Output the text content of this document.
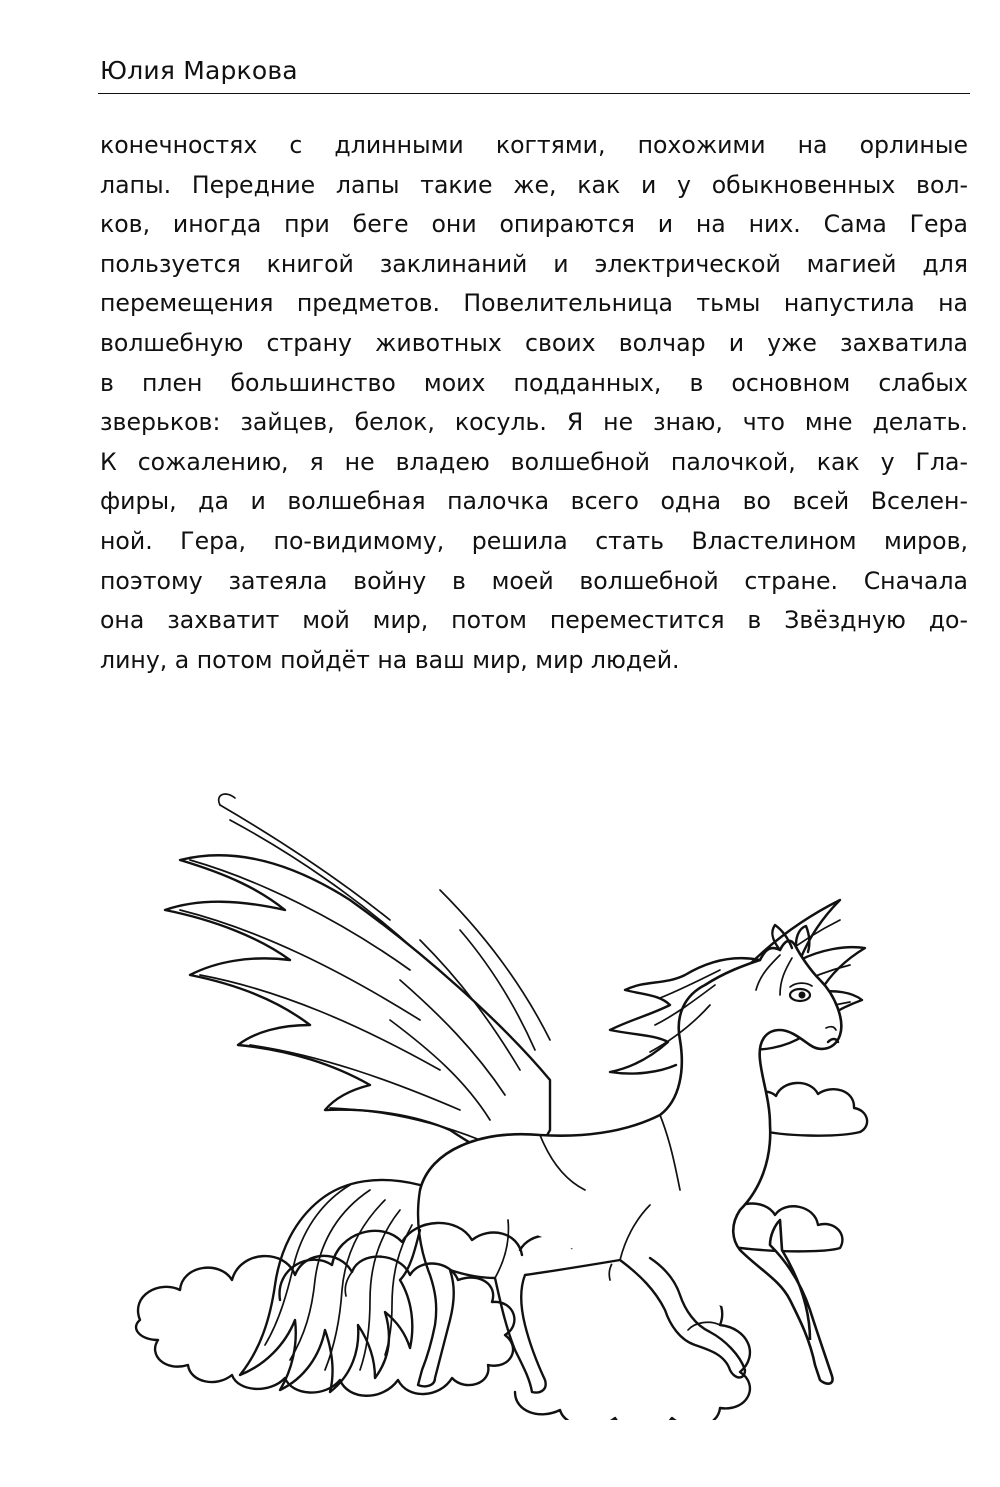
Юлия Маркова
конечностях с длинными когтями, похожими на орлиные
лапы. Передние лапы такие же, как и у обыкновенных вол-
ков, иногда при беге они опираются и на них. Сама Гера
пользуется книгой заклинаний и электрической магией для
перемещения предметов. Повелительница тьмы напустила на
волшебную страну животных своих волчар и уже захватила
в плен большинство моих подданных, в основном слабых
зверьков: зайцев, белок, косуль. Я не знаю, что мне делать.
К сожалению, я не владею волшебной палочкой, как у Гла-
фиры, да и волшебная палочка всего одна во всей Вселен-
ной. Гера, по-видимому, решила стать Властелином миров,
поэтому затеяла войну в моей волшебной стране. Сначала
она захватит мой мир, потом переместится в Звёздную до-
лину, а потом пойдёт на ваш мир, мир людей.
